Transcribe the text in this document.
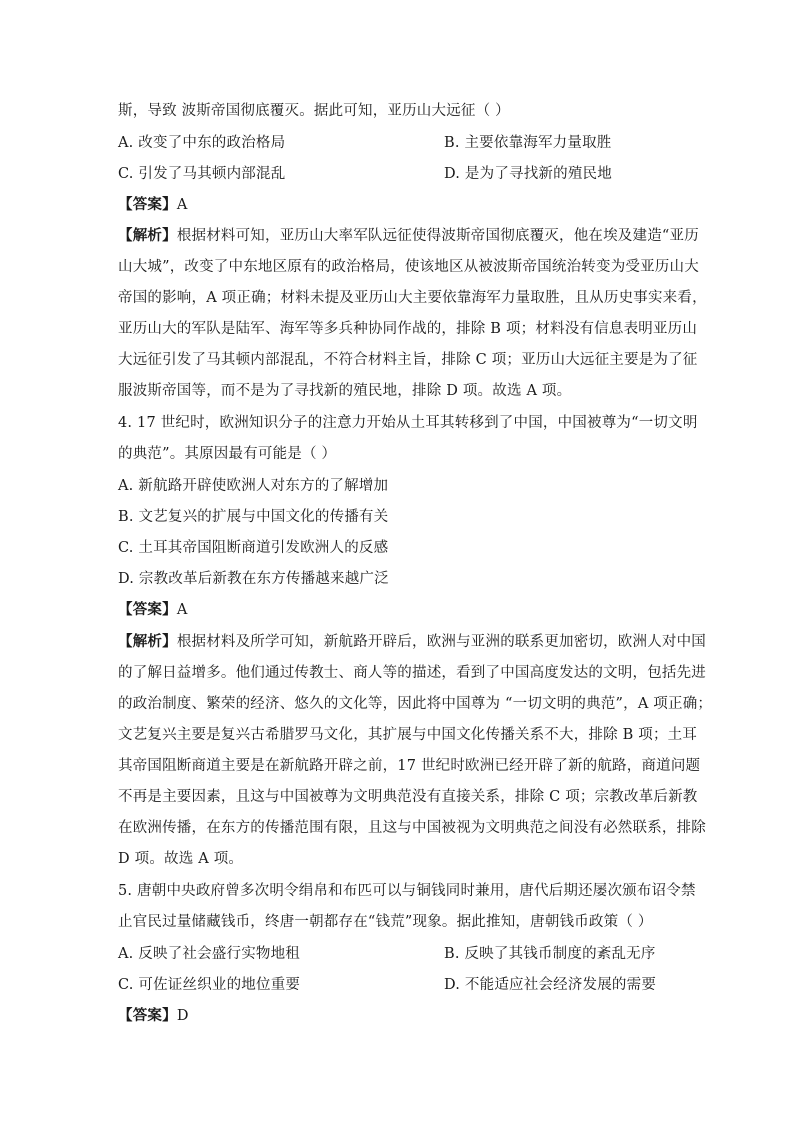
斯，导致 波斯帝国彻底覆灭。据此可知，亚历山大远征（ ）
A. 改变了中东的政治格局	B. 主要依靠海军力量取胜
C. 引发了马其顿内部混乱	D. 是为了寻找新的殖民地
【答案】A
【解析】根据材料可知，亚历山大率军队远征使得波斯帝国彻底覆灭，他在埃及建造“亚历
山大城”，改变了中东地区原有的政治格局，使该地区从被波斯帝国统治转变为受亚历山大
帝国的影响，A 项正确；材料未提及亚历山大主要依靠海军力量取胜，且从历史事实来看，
亚历山大的军队是陆军、海军等多兵种协同作战的，排除 B 项；材料没有信息表明亚历山
大远征引发了马其顿内部混乱，不符合材料主旨，排除 C 项；亚历山大远征主要是为了征
服波斯帝国等，而不是为了寻找新的殖民地，排除 D 项。故选 A 项。
4. 17 世纪时，欧洲知识分子的注意力开始从土耳其转移到了中国，中国被尊为“一切文明
的典范”。其原因最有可能是（ ）
A. 新航路开辟使欧洲人对东方的了解增加
B. 文艺复兴的扩展与中国文化的传播有关
C. 土耳其帝国阻断商道引发欧洲人的反感
D. 宗教改革后新教在东方传播越来越广泛
【答案】A
【解析】根据材料及所学可知，新航路开辟后，欧洲与亚洲的联系更加密切，欧洲人对中国
的了解日益增多。他们通过传教士、商人等的描述，看到了中国高度发达的文明，包括先进
的政治制度、繁荣的经济、悠久的文化等，因此将中国尊为 “一切文明的典范”，A 项正确；
文艺复兴主要是复兴古希腊罗马文化，其扩展与中国文化传播关系不大，排除 B 项；土耳
其帝国阻断商道主要是在新航路开辟之前，17 世纪时欧洲已经开辟了新的航路，商道问题
不再是主要因素，且这与中国被尊为文明典范没有直接关系，排除 C 项；宗教改革后新教
在欧洲传播，在东方的传播范围有限，且这与中国被视为文明典范之间没有必然联系，排除
D 项。故选 A 项。
5. 唐朝中央政府曾多次明令绢帛和布匹可以与铜钱同时兼用，唐代后期还屡次颁布诏令禁
止官民过量储藏钱币，终唐一朝都存在“钱荒”现象。据此推知，唐朝钱币政策（ ）
A. 反映了社会盛行实物地租	B. 反映了其钱币制度的紊乱无序
C. 可佐证丝织业的地位重要	D. 不能适应社会经济发展的需要
【答案】D
